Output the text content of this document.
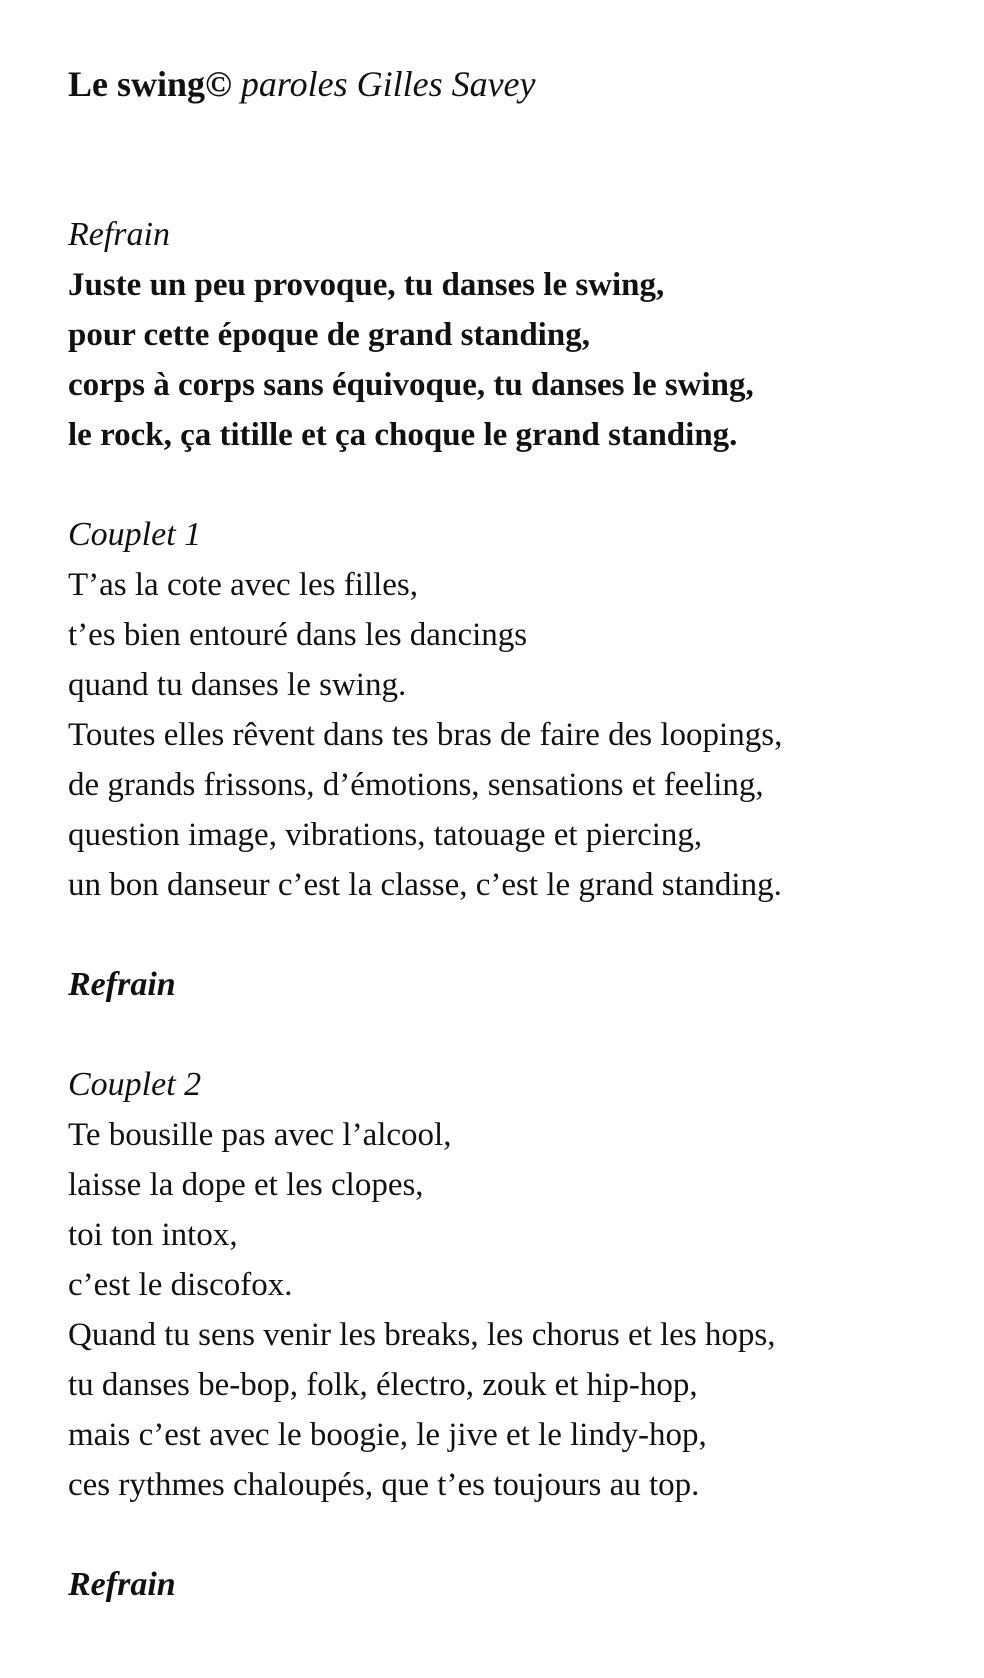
Le swing© paroles Gilles Savey
Refrain
Juste un peu provoque, tu danses le swing,
pour cette époque de grand standing,
corps à corps sans équivoque, tu danses le swing,
le rock, ça titille et ça choque le grand standing.
Couplet 1
T’as la cote avec les filles,
t’es bien entouré dans les dancings
quand tu danses le swing.
Toutes elles rêvent dans tes bras de faire des loopings,
de grands frissons, d’émotions, sensations et feeling,
question image, vibrations, tatouage et piercing,
un bon danseur c’est la classe, c’est le grand standing.
Refrain
Couplet 2
Te bousille pas avec l’alcool,
laisse la dope et les clopes,
toi ton intox,
c’est le discofox.
Quand tu sens venir les breaks, les chorus et les hops,
tu danses be-bop, folk, électro, zouk et hip-hop,
mais c’est avec le boogie, le jive et le lindy-hop,
ces rythmes chaloupés, que t’es toujours au top.
Refrain
